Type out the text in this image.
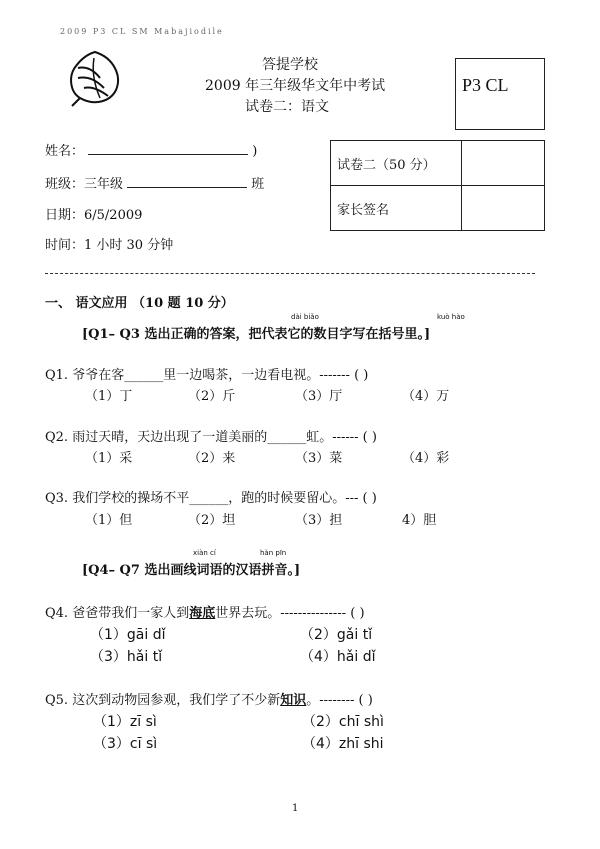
2009 P3 CL SM Mabajiodile
答提学校
2009 年三年级华文年中考试
试卷二：语文
P3 CL
姓名：	)
班级：三年级	班
日期：6/5/2009
时间：1 小时 30 分钟
试卷二（50 分）	
家长签名	
一、 语文应用 （10 题 10 分）
dài biǎo	kuò hào
[Q1– Q3 选出正确的答案，把代表它的数目字写在括号里。]
Q1. 爷爷在客______里一边喝茶，一边看电视。------- ( )
（1）丁	（2）斤	（3）厅	（4）万
Q2. 雨过天晴，天边出现了一道美丽的______虹。------ ( )
（1）采	（2）来	（3）菜	（4）彩
Q3. 我们学校的操场不平______，跑的时候要留心。--- ( )
（1）但	（2）坦	（3）担	4）胆
xiàn cí	hàn pīn
[Q4– Q7 选出画线词语的汉语拼音。]
Q4. 爸爸带我们一家人到海底世界去玩。--------------- ( )
（1）gāi dǐ	（2）gǎi tǐ
（3）hǎi tǐ	（4）hǎi dǐ
Q5. 这次到动物园参观，我们学了不少新知识。-------- ( )
（1）zī sì	（2）chī shì
（3）cī sì	（4）zhī shi
1
